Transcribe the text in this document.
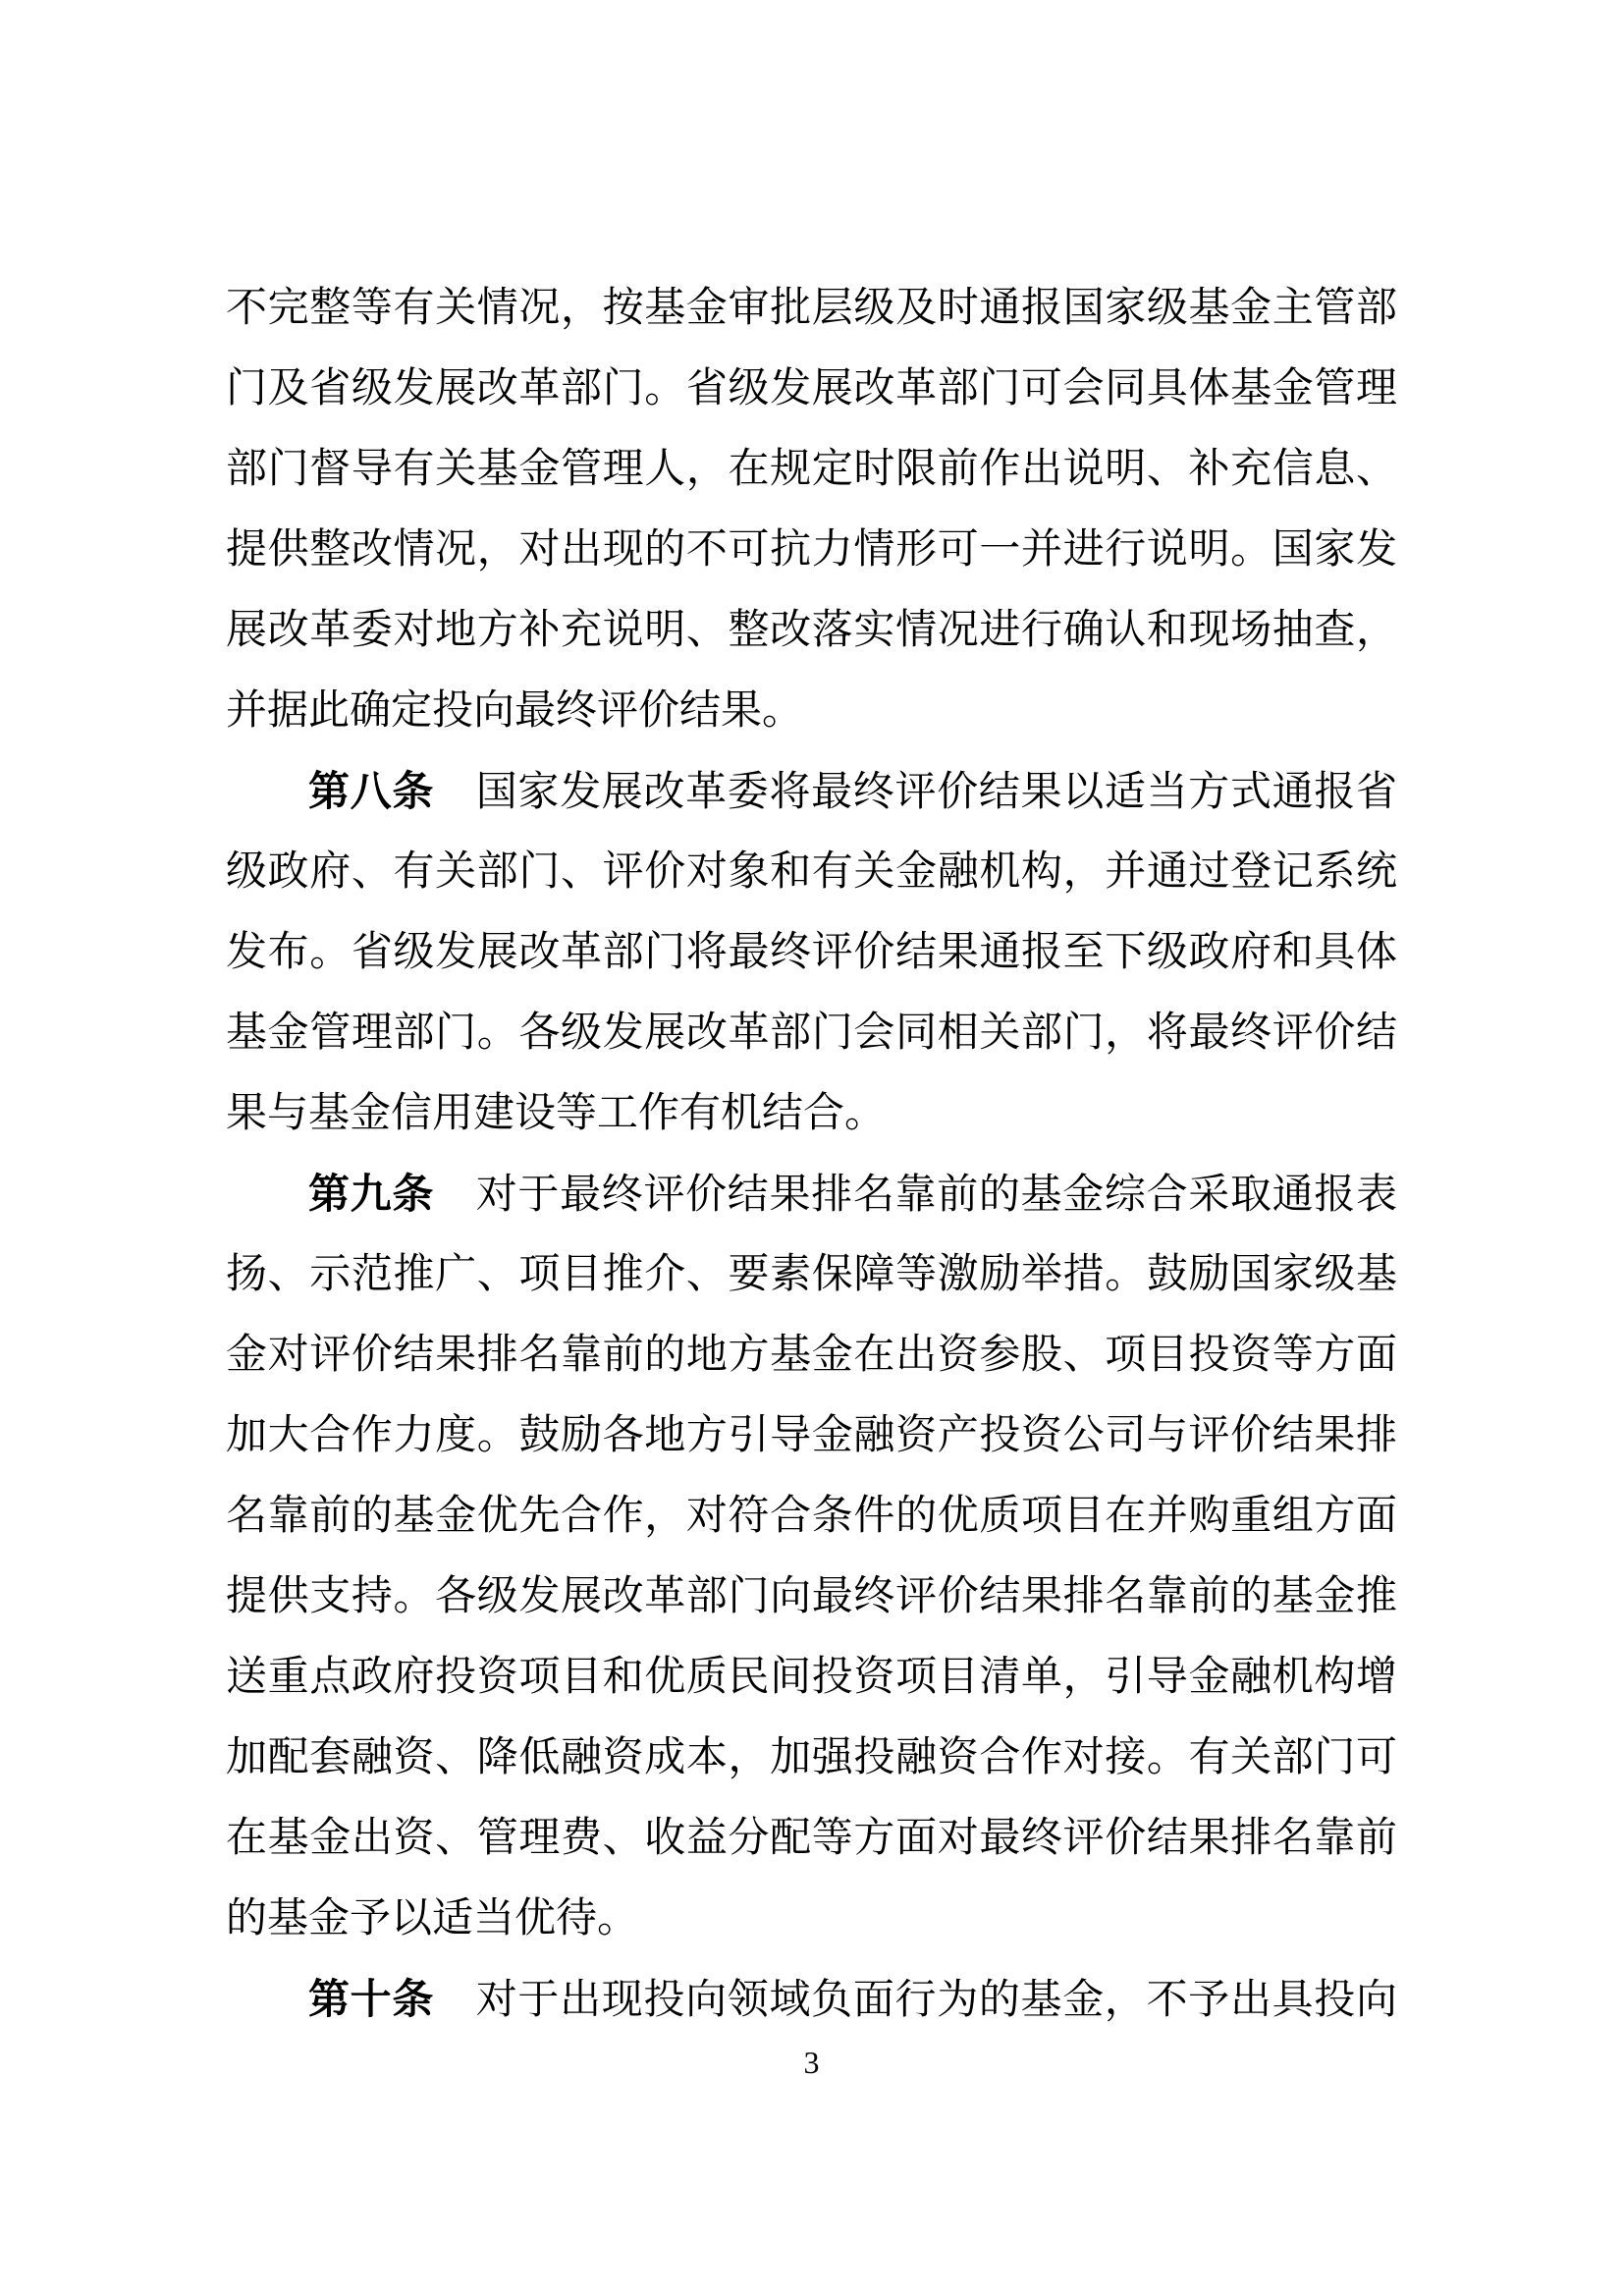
不完整等有关情况，按基金审批层级及时通报国家级基金主管部
门及省级发展改革部门。省级发展改革部门可会同具体基金管理
部门督导有关基金管理人，在规定时限前作出说明、补充信息、
提供整改情况，对出现的不可抗力情形可一并进行说明。国家发
展改革委对地方补充说明、整改落实情况进行确认和现场抽查，
并据此确定投向最终评价结果。
第八条　国家发展改革委将最终评价结果以适当方式通报省
级政府、有关部门、评价对象和有关金融机构，并通过登记系统
发布。省级发展改革部门将最终评价结果通报至下级政府和具体
基金管理部门。各级发展改革部门会同相关部门，将最终评价结
果与基金信用建设等工作有机结合。
第九条　对于最终评价结果排名靠前的基金综合采取通报表
扬、示范推广、项目推介、要素保障等激励举措。鼓励国家级基
金对评价结果排名靠前的地方基金在出资参股、项目投资等方面
加大合作力度。鼓励各地方引导金融资产投资公司与评价结果排
名靠前的基金优先合作，对符合条件的优质项目在并购重组方面
提供支持。各级发展改革部门向最终评价结果排名靠前的基金推
送重点政府投资项目和优质民间投资项目清单，引导金融机构增
加配套融资、降低融资成本，加强投融资合作对接。有关部门可
在基金出资、管理费、收益分配等方面对最终评价结果排名靠前
的基金予以适当优待。
第十条　对于出现投向领域负面行为的基金，不予出具投向
3
